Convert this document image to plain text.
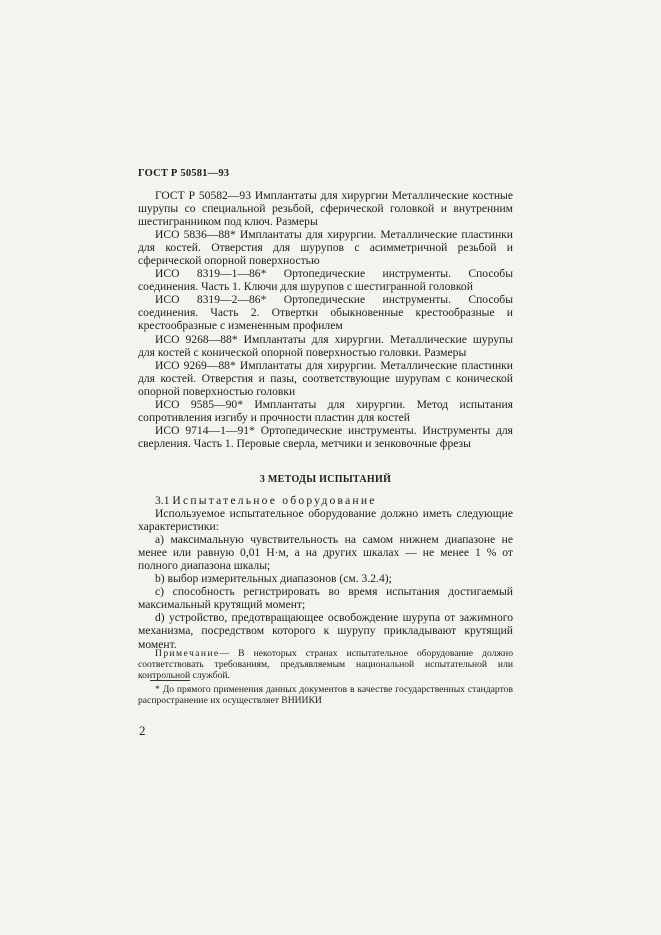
ГОСТ Р 50581—93

ГОСТ Р 50582—93 Имплантаты для хирургии Металлические костные шурупы со специальной резьбой, сферической головкой и внутренним шестигранником под ключ. Размеры

ИСО 5836—88* Имплантаты для хирургии. Металлические пластинки для костей. Отверстия для шурупов с асимметричной резьбой и сферической опорной поверхностью

ИСО 8319—1—86* Ортопедические инструменты. Способы соединения. Часть 1. Ключи для шурупов с шестигранной головкой

ИСО 8319—2—86* Ортопедические инструменты. Способы соединения. Часть 2. Отвертки обыкновенные крестообразные и крестообразные с измененным профилем

ИСО 9268—88* Имплантаты для хирургии. Металлические шурупы для костей с конической опорной поверхностью головки. Размеры

ИСО 9269—88* Имплантаты для хирургии. Металлические пластинки для костей. Отверстия и пазы, соответствующие шурупам с конической опорной поверхностью головки

ИСО 9585—90* Имплантаты для хирургии. Метод испытания сопротивления изгибу и прочности пластин для костей

ИСО 9714—1—91* Ортопедические инструменты. Инструменты для сверления. Часть 1. Перовые сверла, метчики и зенковочные фрезы

3 МЕТОДЫ ИСПЫТАНИЙ

3.1 Испытательное оборудование

Используемое испытательное оборудование должно иметь следующие характеристики:

а) максимальную чувствительность на самом нижнем диапазоне не менее или равную 0,01 Н·м, а на других шкалах — не менее 1 % от полного диапазона шкалы;

b) выбор измерительных диапазонов (см. 3.2.4);

с) способность регистрировать во время испытания достигаемый максимальный крутящий момент;

d) устройство, предотвращающее освобождение шурупа от зажимного механизма, посредством которого к шурупу прикладывают крутящий момент.

Примечание— В некоторых странах испытательное оборудование должно соответствовать требованиям, предъявляемым национальной испытательной или контрольной службой.

* До прямого применения данных документов в качестве государственных стандартов распространение их осуществляет ВНИИКИ

2
